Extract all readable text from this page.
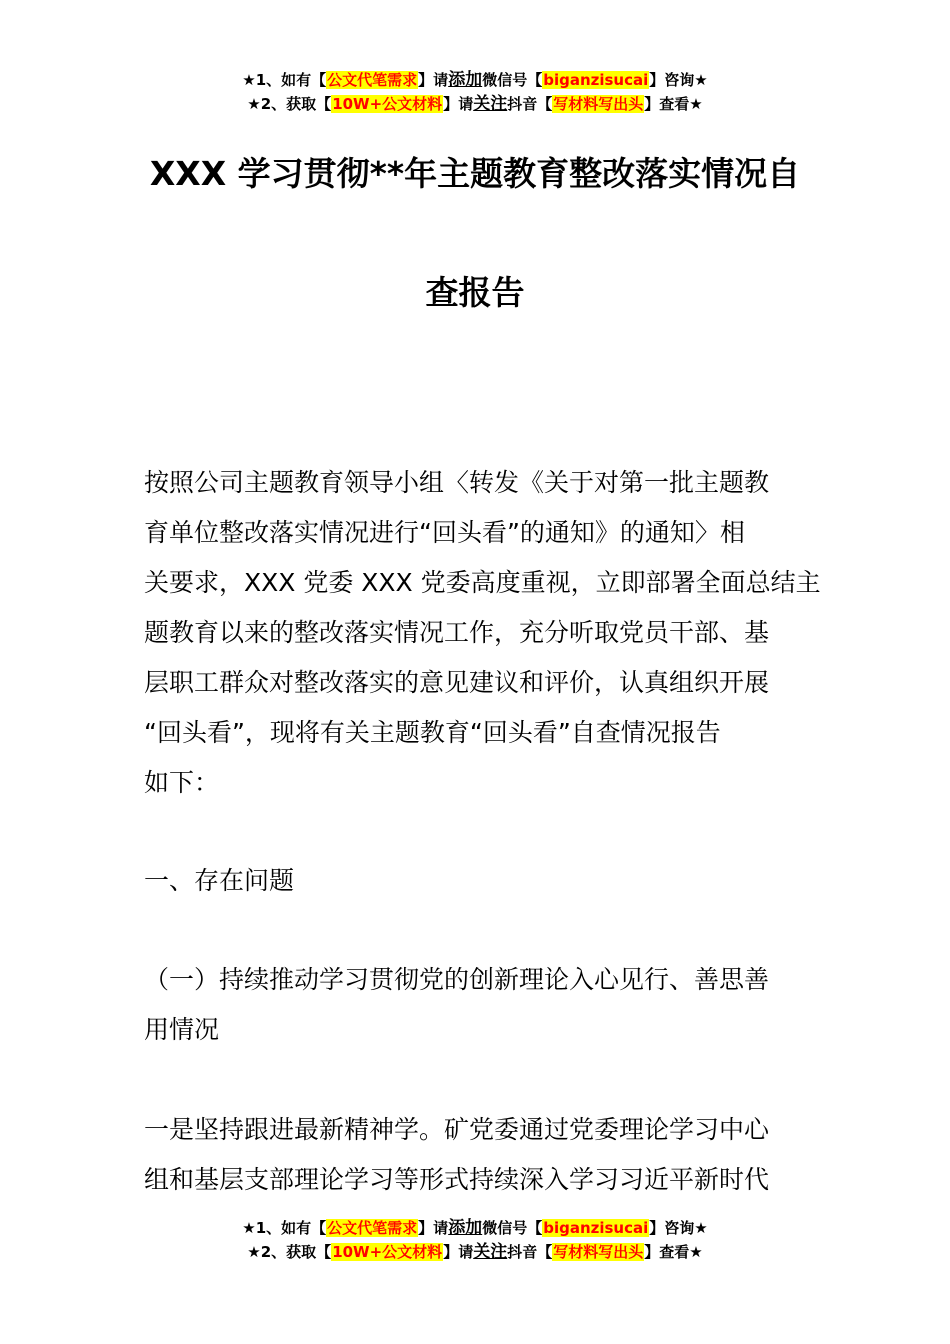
★1、如有【公文代笔需求】请添加微信号【biganzisucai】咨询★
★2、获取【10W+公文材料】请关注抖音【写材料写出头】查看★
XXX 学习贯彻**年主题教育整改落实情况自
查报告
按照公司主题教育领导小组〈转发《关于对第一批主题教
育单位整改落实情况进行“回头看”的通知》的通知〉相
关要求，XXX 党委 XXX 党委高度重视，立即部署全面总结主
题教育以来的整改落实情况工作，充分听取党员干部、基
层职工群众对整改落实的意见建议和评价，认真组织开展
“回头看”，现将有关主题教育“回头看”自查情况报告
如下：
一、存在问题
（一）持续推动学习贯彻党的创新理论入心见行、善思善
用情况
一是坚持跟进最新精神学。矿党委通过党委理论学习中心
组和基层支部理论学习等形式持续深入学习习近平新时代
★1、如有【公文代笔需求】请添加微信号【biganzisucai】咨询★
★2、获取【10W+公文材料】请关注抖音【写材料写出头】查看★
